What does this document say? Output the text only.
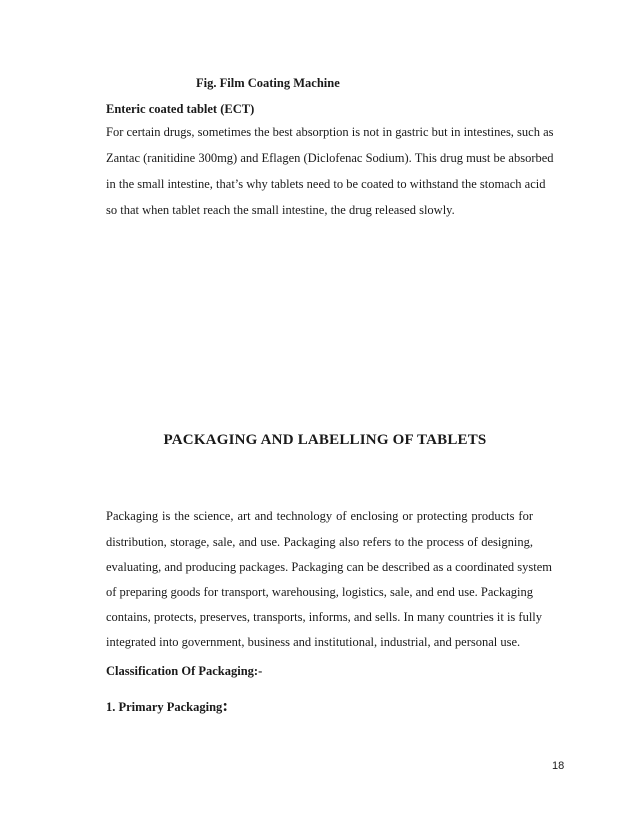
Fig. Film Coating Machine
Enteric coated tablet (ECT)
For certain drugs, sometimes the best absorption is not in gastric but in intestines, such as
Zantac (ranitidine 300mg) and Eflagen (Diclofenac Sodium). This drug must be absorbed
in the small intestine, that’s why tablets need to be coated to withstand the stomach acid
so that when tablet reach the small intestine, the drug released slowly.
PACKAGING AND LABELLING OF TABLETS
Packaging is the science, art and technology of enclosing or protecting products for
distribution, storage, sale, and use. Packaging also refers to the process of designing,
evaluating, and producing packages. Packaging can be described as a coordinated system
of preparing goods for transport, warehousing, logistics, sale, and end use. Packaging
contains, protects, preserves, transports, informs, and sells. In many countries it is fully
integrated into government, business and institutional, industrial, and personal use.
Classification Of Packaging:-
1. Primary Packaging:
18
